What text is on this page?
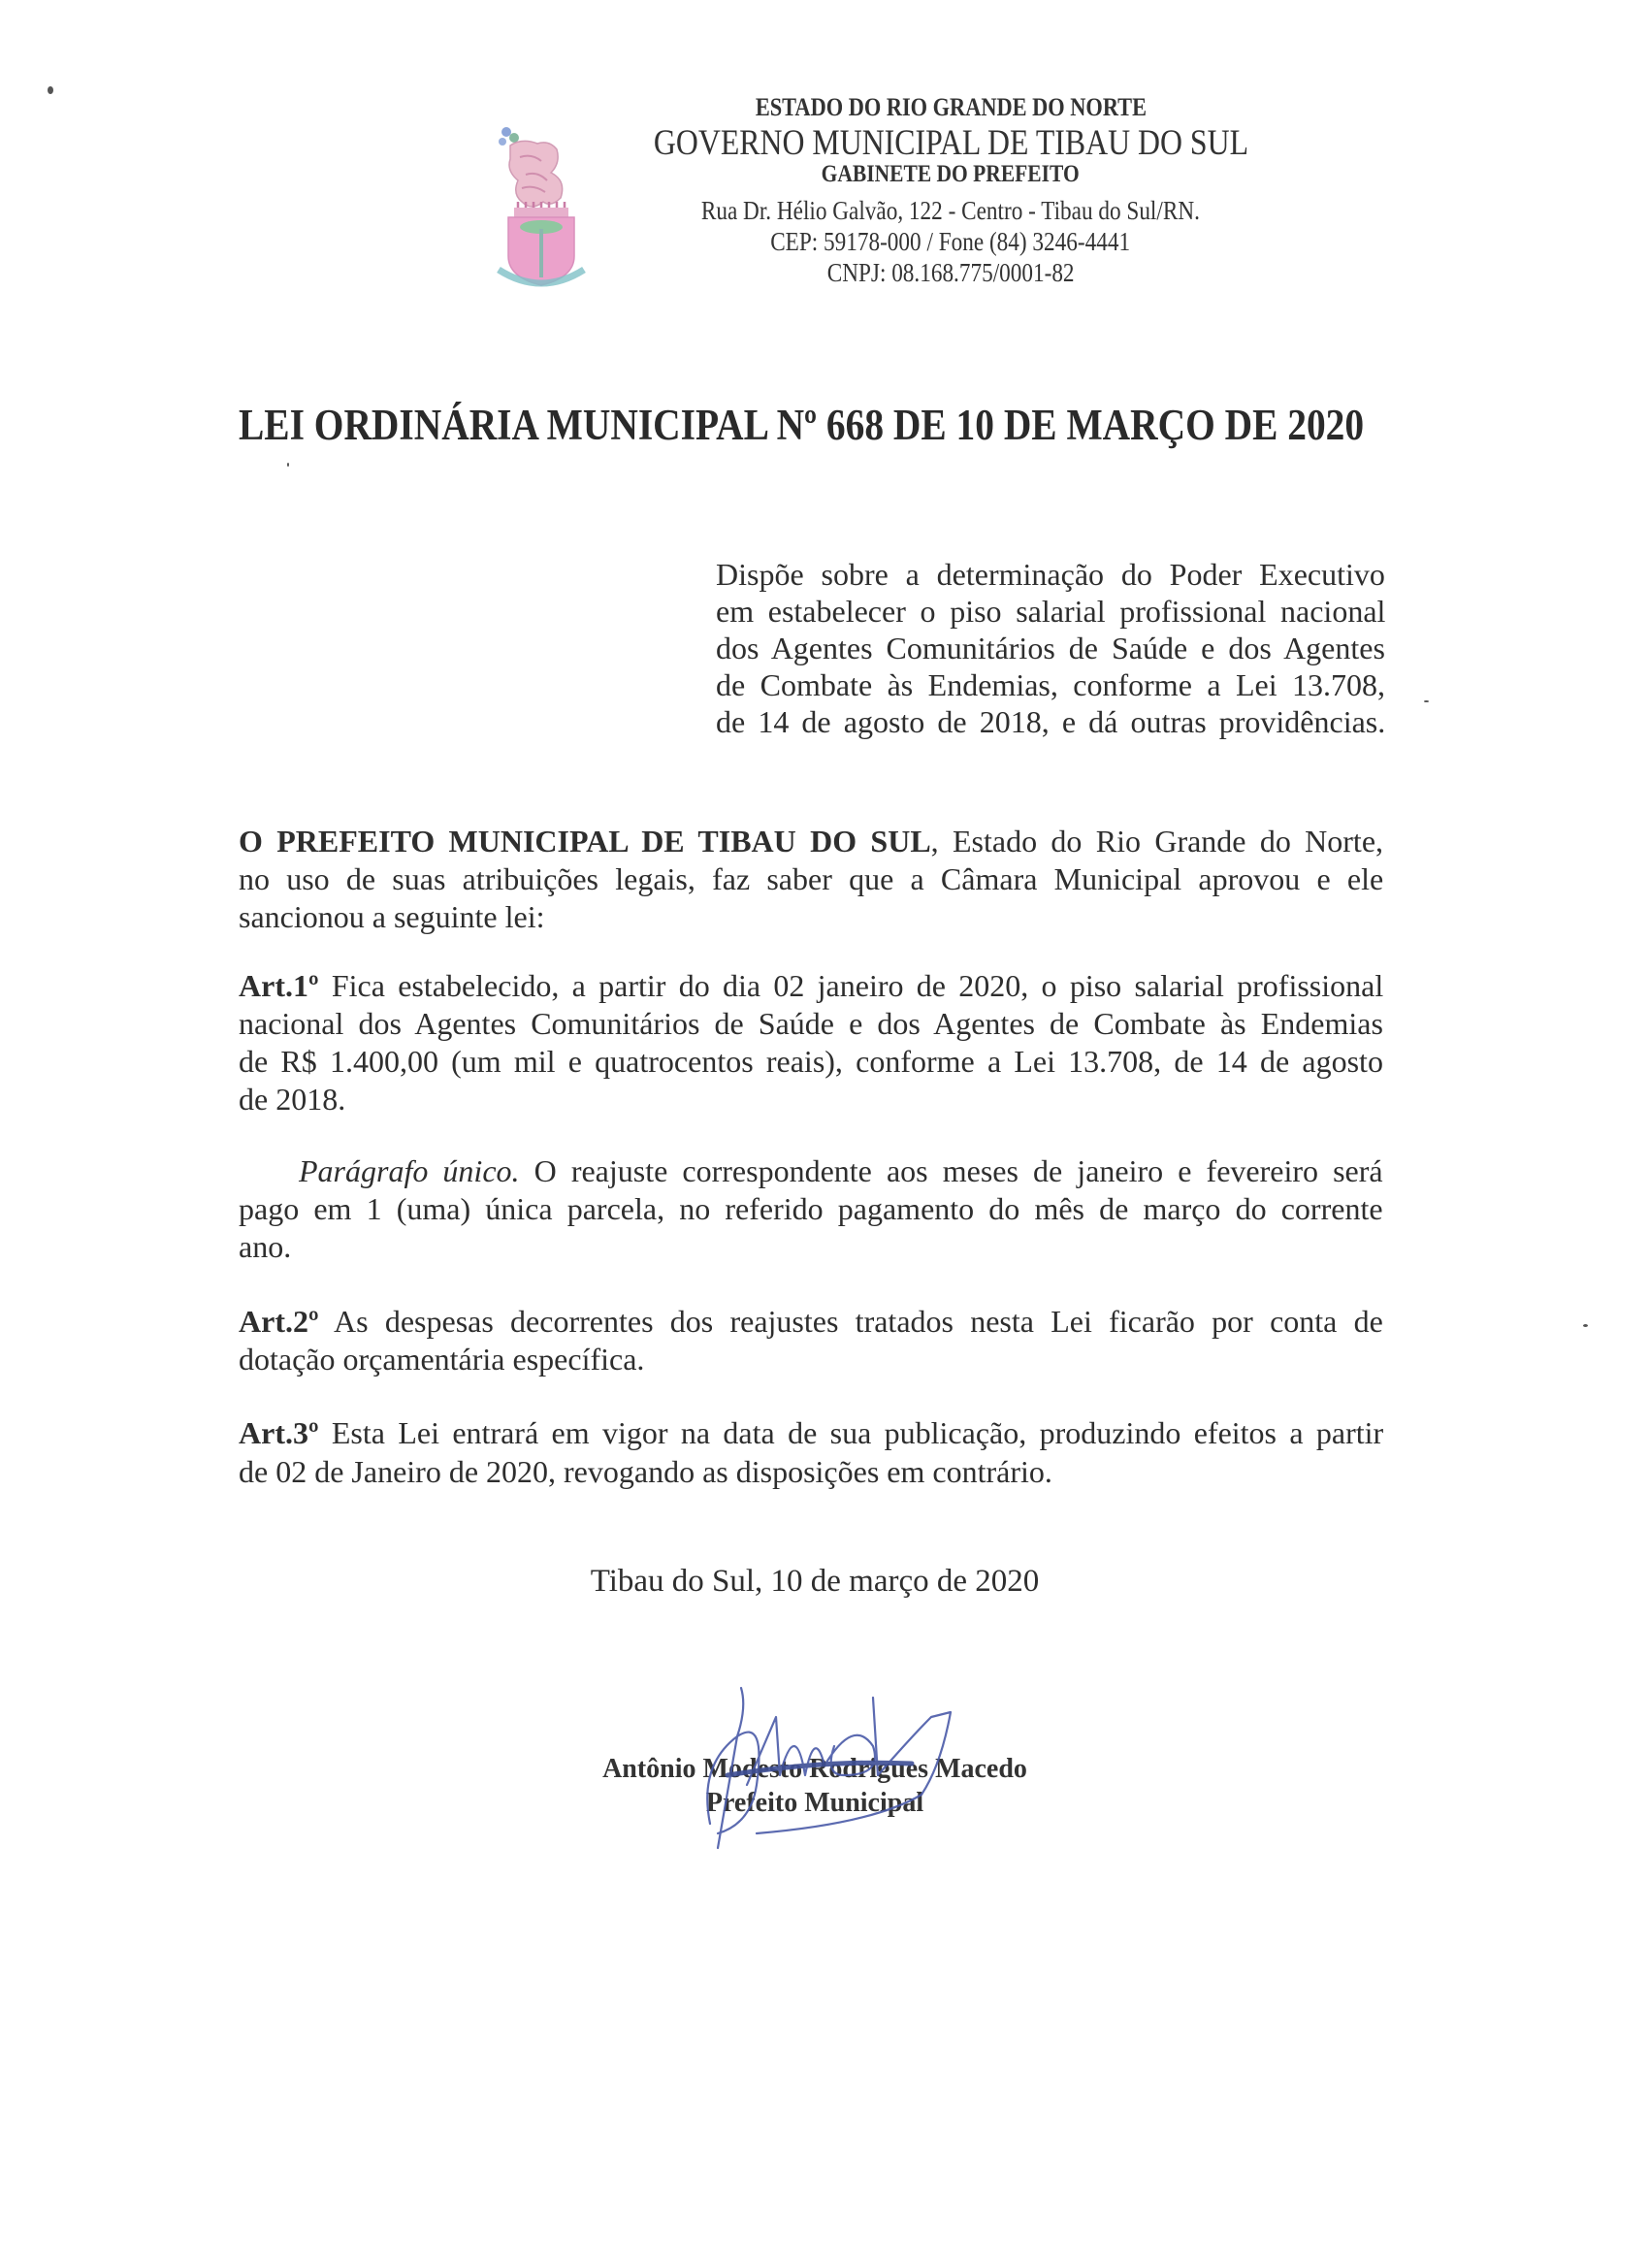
ESTADO DO RIO GRANDE DO NORTE
GOVERNO MUNICIPAL DE TIBAU DO SUL
GABINETE DO PREFEITO
Rua Dr. Hélio Galvão, 122 - Centro - Tibau do Sul/RN.
CEP: 59178-000 / Fone (84) 3246-4441
CNPJ: 08.168.775/0001-82
LEI ORDINÁRIA MUNICIPAL Nº 668 DE 10 DE MARÇO DE 2020
Dispõe sobre a determinação do Poder Executivo
em estabelecer o piso salarial profissional nacional
dos Agentes Comunitários de Saúde e dos Agentes
de Combate às Endemias, conforme a Lei 13.708,
de 14 de agosto de 2018, e dá outras providências.
O PREFEITO MUNICIPAL DE TIBAU DO SUL, Estado do Rio Grande do Norte,
no uso de suas atribuições legais, faz saber que a Câmara Municipal aprovou e ele
sancionou a seguinte lei:
Art.1º Fica estabelecido, a partir do dia 02 janeiro de 2020, o piso salarial profissional
nacional dos Agentes Comunitários de Saúde e dos Agentes de Combate às Endemias
de R$ 1.400,00 (um mil e quatrocentos reais), conforme a Lei 13.708, de 14 de agosto
de 2018.
Parágrafo único. O reajuste correspondente aos meses de janeiro e fevereiro será
pago em 1 (uma) única parcela, no referido pagamento do mês de março do corrente
ano.
Art.2º As despesas decorrentes dos reajustes tratados nesta Lei ficarão por conta de
dotação orçamentária específica.
Art.3º Esta Lei entrará em vigor na data de sua publicação, produzindo efeitos a partir
de 02 de Janeiro de 2020, revogando as disposições em contrário.
Tibau do Sul, 10 de março de 2020
Antônio Modesto Rodrigues Macedo
Prefeito Municipal
